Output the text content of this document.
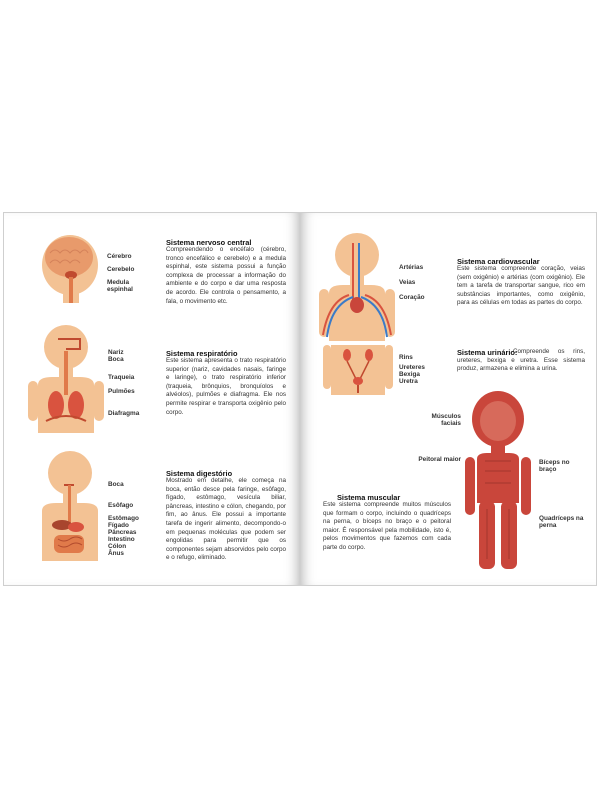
Cérebro
Cerebelo
Medula espinhal
Sistema nervoso central
Compreendendo o encéfalo (cérebro, tronco encefálico e cerebelo) e a medula espinhal, este sistema possui a função complexa de processar a informação do ambiente e do corpo e dar uma resposta de acordo. Ele controla o pensamento, a fala, o movimento etc.
Nariz
Boca
Traqueia
Pulmões
Diafragma
Sistema respiratório
Este sistema apresenta o trato respiratório superior (nariz, cavidades nasais, faringe e laringe), o trato respiratório inferior (traqueia, brônquios, bronquíolos e alvéolos), pulmões e diafragma. Ele nos permite respirar e transporta oxigênio pelo corpo.
Boca
Esôfago
Estômago
Fígado
Pâncreas
Intestino
Cólon
Ânus
Sistema digestório
Mostrado em detalhe, ele começa na boca, então desce pela faringe, esôfago, fígado, estômago, vesícula biliar, pâncreas, intestino e cólon, chegando, por fim, ao ânus. Ele possui a importante tarefa de ingerir alimento, decompondo-o em pequenas moléculas que podem ser engolidas para permitir que os componentes sejam absorvidos pelo corpo e o refugo, eliminado.
Artérias
Veias
Coração
Sistema cardiovascular
Este sistema compreende coração, veias (sem oxigênio) e artérias (com oxigênio). Ele tem a tarefa de transportar sangue, rico em substâncias importantes, como oxigênio, para as células em todas as partes do corpo.
Rins
Ureteres
Bexiga
Uretra
Sistema urinário:
Compreende os rins, ureteres, bexiga e uretra. Esse sistema produz, armazena e elimina a urina.
Músculos faciais
Peitoral maior	Bíceps no braço
Quadríceps na perna
Sistema muscular
Este sistema compreende muitos músculos que formam o corpo, incluindo o quadríceps na perna, o bíceps no braço e o peitoral maior. É responsável pela mobilidade, isto é, pelos movimentos que fazemos com cada parte do corpo.
